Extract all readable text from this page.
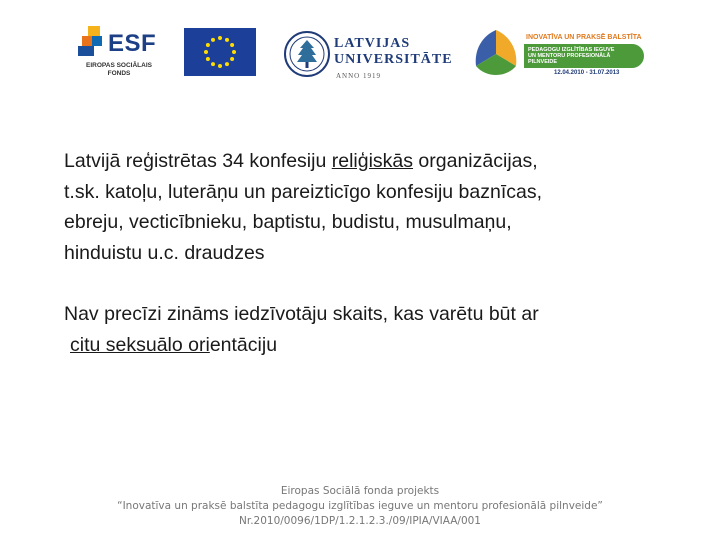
ESF
EIROPAS SOCIĀLAIS
FONDS
LATVIJAS
UNIVERSITĀTE
ANNO 1919
INOVATĪVA UN PRAKSĒ BALSTĪTA
PEDAGOGU IZGLĪTĪBAS IEGUVE
UN MENTORU PROFESIONĀLĀ
PILNVEIDE
12.04.2010 - 31.07.2013

Latvijā reģistrētas 34 konfesiju reliģiskās organizācijas,
t.sk. katoļu, luterāņu un pareizticīgo konfesiju baznīcas,
ebreju, vecticībnieku, baptistu, budistu, musulmaņu,
hinduistu u.c. draudzes

Nav precīzi zināms iedzīvotāju skaits, kas varētu būt ar
citu seksuālo orientāciju

Eiropas Sociālā fonda projekts
“Inovatīva un praksē balstīta pedagogu izglītības ieguve un mentoru profesionālā pilnveide”
Nr.2010/0096/1DP/1.2.1.2.3./09/IPIA/VIAA/001
